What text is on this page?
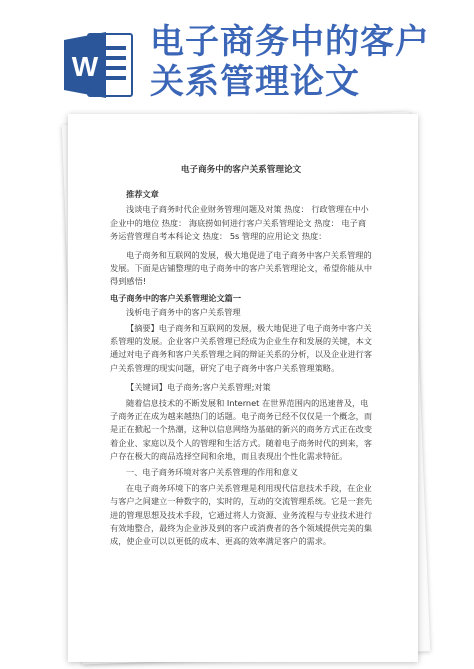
W
电子商务中的客户
关系管理论文
电子商务中的客户关系管理论文
推荐文章

浅谈电子商务时代企业财务管理问题及对策 热度： 行政管理在中小企业中的地位 热度： 海底捞如何进行客户关系管理论文 热度： 电子商务运营管理自考本科论文 热度： 5s 管理的应用论文 热度：

电子商务和互联网的发展，极大地促进了电子商务中客户关系管理的发展。下面是店铺整理的电子商务中的客户关系管理论文，希望你能从中得到感悟!

电子商务中的客户关系管理论文篇一

浅析电子商务中的客户关系管理

【摘要】电子商务和互联网的发展，极大地促进了电子商务中客户关系管理的发展。企业客户关系管理已经成为企业生存和发展的关键，本文通过对电子商务和客户关系管理之间的辩证关系的分析，以及企业进行客户关系管理的现实问题，研究了电子商务中客户关系管理策略。

【关键词】电子商务;客户关系管理;对策

随着信息技术的不断发展和 Internet 在世界范围内的迅速普及，电子商务正在成为越来越热门的话题。电子商务已经不仅仅是一个概念，而是正在掀起一个热潮，这种以信息网络为基础的新兴的商务方式正在改变着企业、家庭以及个人的管理和生活方式。随着电子商务时代的到来，客户存在极大的商品选择空间和余地，而且表现出个性化需求特征。

一、电子商务环境对客户关系管理的作用和意义

在电子商务环境下的客户关系管理是利用现代信息技术手段，在企业与客户之间建立一种数字的，实时的，互动的交流管理系统。它是一套先进的管理思想及技术手段，它通过将人力资源、业务流程与专业技术进行有效地整合，最终为企业涉及到的客户或消费者的各个领域提供完美的集成，使企业可以以更低的成本、更高的效率满足客户的需求。
